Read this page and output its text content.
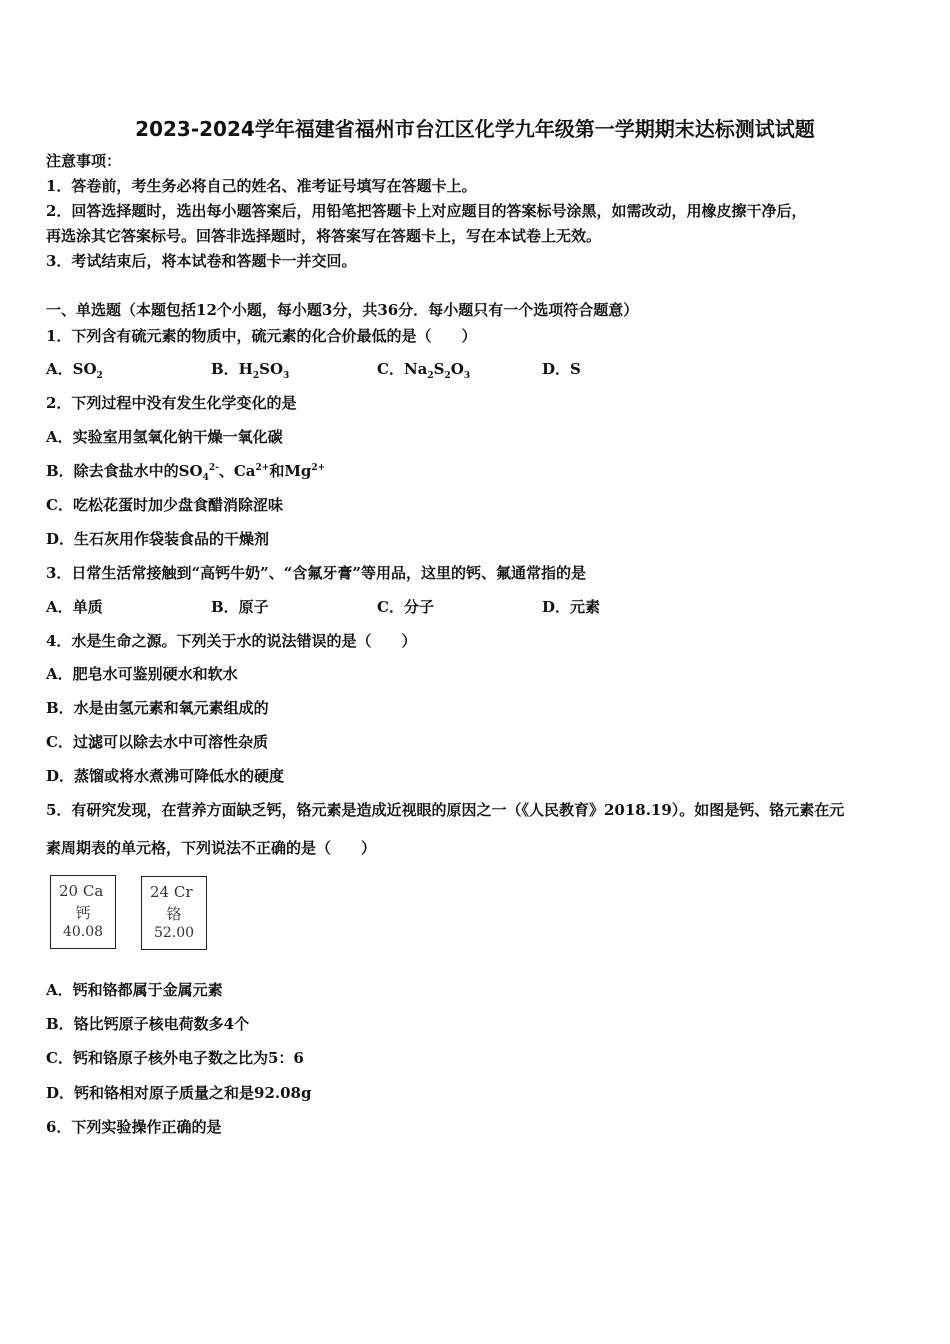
2023-2024学年福建省福州市台江区化学九年级第一学期期末达标测试试题
注意事项：
1．答卷前，考生务必将自己的姓名、准考证号填写在答题卡上。
2．回答选择题时，选出每小题答案后，用铅笔把答题卡上对应题目的答案标号涂黑，如需改动，用橡皮擦干净后，
再选涂其它答案标号。回答非选择题时，将答案写在答题卡上，写在本试卷上无效。
3．考试结束后，将本试卷和答题卡一并交回。
一、单选题（本题包括12个小题，每小题3分，共36分．每小题只有一个选项符合题意）
1．下列含有硫元素的物质中，硫元素的化合价最低的是（　　）
A．$SO_2$	B．$H_2SO_3$	C．$Na_2S_2O_3$	D．S
2．下列过程中没有发生化学变化的是
A．实验室用氢氧化钠干燥一氧化碳
B．除去食盐水中的$SO_4^{2-}$、$Ca^{2+}$和$Mg^{2+}$
C．吃松花蛋时加少盘食醋消除涩味
D．生石灰用作袋装食品的干燥剂
3．日常生活常接触到“高钙牛奶”、“含氟牙膏”等用品，这里的钙、氟通常指的是
A．单质	B．原子	C．分子	D．元素
4．水是生命之源。下列关于水的说法错误的是（　　）
A．肥皂水可鉴别硬水和软水
B．水是由氢元素和氧元素组成的
C．过滤可以除去水中可溶性杂质
D．蒸馏或将水煮沸可降低水的硬度
5．有研究发现，在营养方面缺乏钙，铬元素是造成近视眼的原因之一（《人民教育》2018.19）。如图是钙、铬元素在元
素周期表的单元格，下列说法不正确的是（　　）
20 Ca
钙
40.08
24 Cr
铬
52.00
A．钙和铬都属于金属元素
B．铬比钙原子核电荷数多4个
C．钙和铬原子核外电子数之比为5：6
D．钙和铬相对原子质量之和是92.08g
6．下列实验操作正确的是
